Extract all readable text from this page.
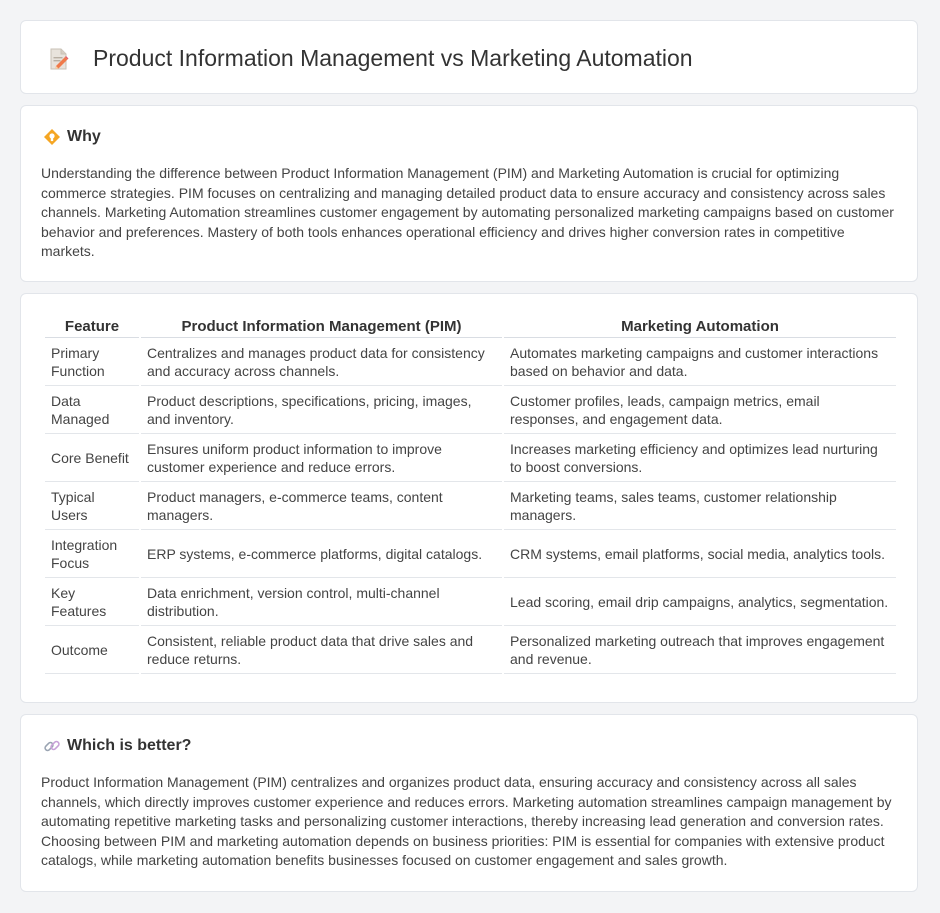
Product Information Management vs Marketing Automation
Why

Understanding the difference between Product Information Management (PIM) and Marketing Automation is crucial for optimizing commerce strategies. PIM focuses on centralizing and managing detailed product data to ensure accuracy and consistency across sales channels. Marketing Automation streamlines customer engagement by automating personalized marketing campaigns based on customer behavior and preferences. Mastery of both tools enhances operational efficiency and drives higher conversion rates in competitive markets.

Feature	Product Information Management (PIM)	Marketing Automation
Primary Function	Centralizes and manages product data for consistency and accuracy across channels.	Automates marketing campaigns and customer interactions based on behavior and data.
Data Managed	Product descriptions, specifications, pricing, images, and inventory.	Customer profiles, leads, campaign metrics, email responses, and engagement data.
Core Benefit	Ensures uniform product information to improve customer experience and reduce errors.	Increases marketing efficiency and optimizes lead nurturing to boost conversions.
Typical Users	Product managers, e-commerce teams, content managers.	Marketing teams, sales teams, customer relationship managers.
Integration Focus	ERP systems, e-commerce platforms, digital catalogs.	CRM systems, email platforms, social media, analytics tools.
Key Features	Data enrichment, version control, multi-channel distribution.	Lead scoring, email drip campaigns, analytics, segmentation.
Outcome	Consistent, reliable product data that drive sales and reduce returns.	Personalized marketing outreach that improves engagement and revenue.
Which is better?

Product Information Management (PIM) centralizes and organizes product data, ensuring accuracy and consistency across all sales channels, which directly improves customer experience and reduces errors. Marketing automation streamlines campaign management by automating repetitive marketing tasks and personalizing customer interactions, thereby increasing lead generation and conversion rates. Choosing between PIM and marketing automation depends on business priorities: PIM is essential for companies with extensive product catalogs, while marketing automation benefits businesses focused on customer engagement and sales growth.
